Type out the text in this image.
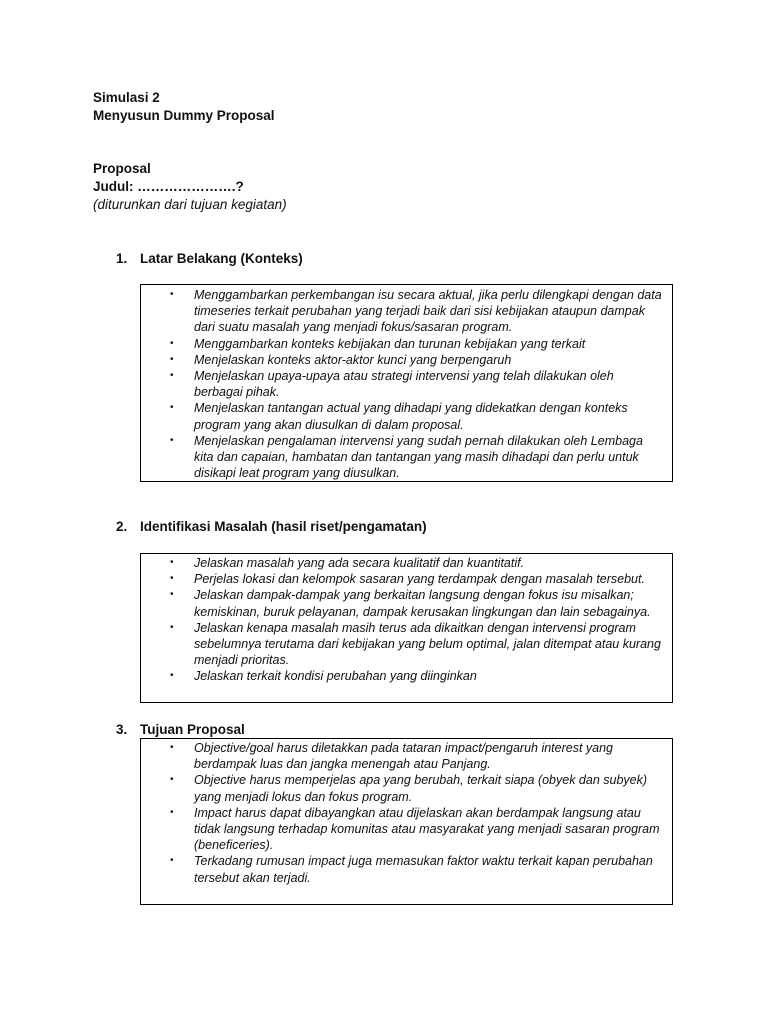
Simulasi 2
Menyusun Dummy Proposal
Proposal
Judul: ………………….?
(diturunkan dari tujuan kegiatan)
1. Latar Belakang (Konteks)
• Menggambarkan perkembangan isu secara aktual, jika perlu dilengkapi dengan data timeseries terkait perubahan yang terjadi baik dari sisi kebijakan ataupun dampak dari suatu masalah yang menjadi fokus/sasaran program.
• Menggambarkan konteks kebijakan dan turunan kebijakan yang terkait
• Menjelaskan konteks aktor-aktor kunci yang berpengaruh
• Menjelaskan upaya-upaya atau strategi intervensi yang telah dilakukan oleh berbagai pihak.
• Menjelaskan tantangan actual yang dihadapi yang didekatkan dengan konteks program yang akan diusulkan di dalam proposal.
• Menjelaskan pengalaman intervensi yang sudah pernah dilakukan oleh Lembaga kita dan capaian, hambatan dan tantangan yang masih dihadapi dan perlu untuk disikapi leat program yang diusulkan.
2. Identifikasi Masalah (hasil riset/pengamatan)
• Jelaskan masalah yang ada secara kualitatif dan kuantitatif.
• Perjelas lokasi dan kelompok sasaran yang terdampak dengan masalah tersebut.
• Jelaskan dampak-dampak yang berkaitan langsung dengan fokus isu misalkan; kemiskinan, buruk pelayanan, dampak kerusakan lingkungan dan lain sebagainya.
• Jelaskan kenapa masalah masih terus ada dikaitkan dengan intervensi program sebelumnya terutama dari kebijakan yang belum optimal, jalan ditempat atau kurang menjadi prioritas.
• Jelaskan terkait kondisi perubahan yang diinginkan
3. Tujuan Proposal
• Objective/goal harus diletakkan pada tataran impact/pengaruh interest yang berdampak luas dan jangka menengah atau Panjang.
• Objective harus memperjelas apa yang berubah, terkait siapa (obyek dan subyek) yang menjadi lokus dan fokus program.
• Impact harus dapat dibayangkan atau dijelaskan akan berdampak langsung atau tidak langsung terhadap komunitas atau masyarakat yang menjadi sasaran program (beneficeries).
• Terkadang rumusan impact juga memasukan faktor waktu terkait kapan perubahan tersebut akan terjadi.
